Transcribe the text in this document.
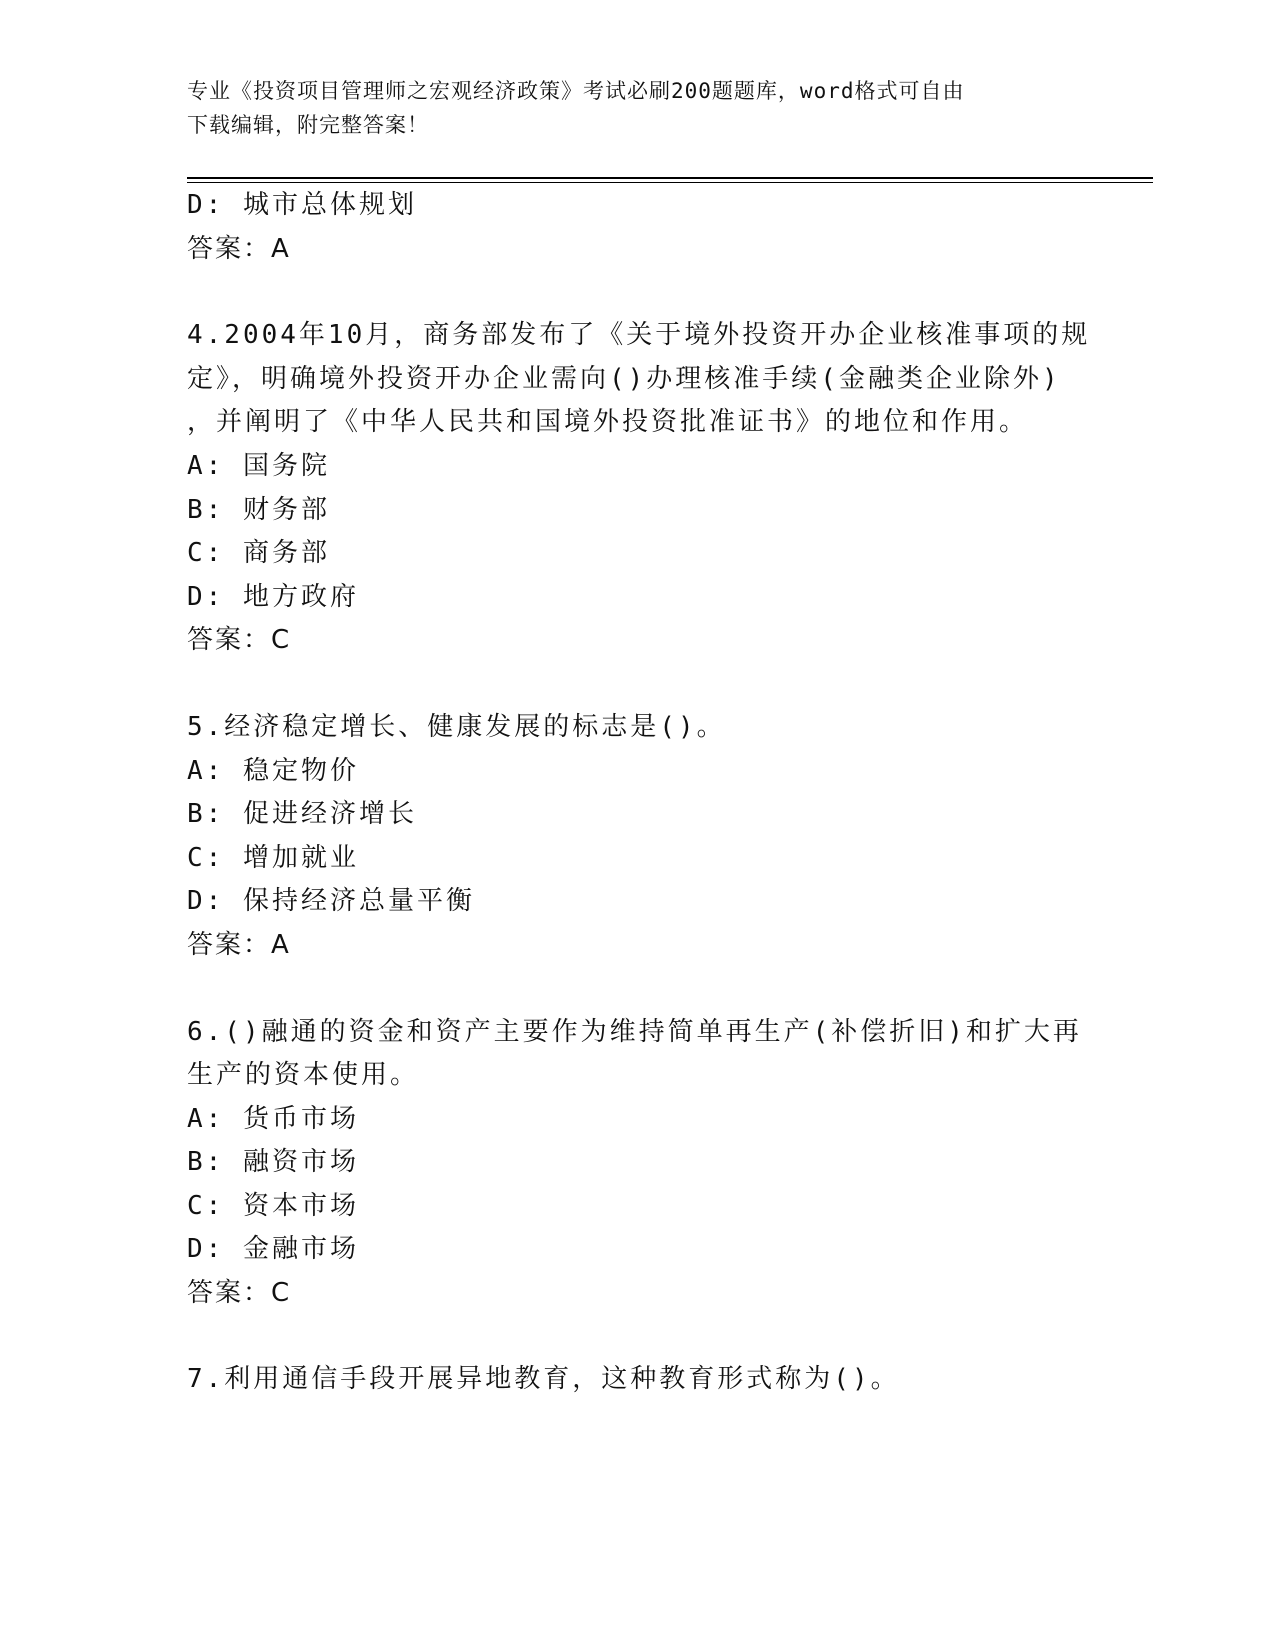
专业《投资项目管理师之宏观经济政策》考试必刷200题题库，word格式可自由
下载编辑，附完整答案！
D: 城市总体规划
答案：A
4.2004年10月，商务部发布了《关于境外投资开办企业核准事项的规
定》，明确境外投资开办企业需向()办理核准手续(金融类企业除外)
，并阐明了《中华人民共和国境外投资批准证书》的地位和作用。
A: 国务院
B: 财务部
C: 商务部
D: 地方政府
答案：C
5.经济稳定增长、健康发展的标志是()。
A: 稳定物价
B: 促进经济增长
C: 增加就业
D: 保持经济总量平衡
答案：A
6.()融通的资金和资产主要作为维持简单再生产(补偿折旧)和扩大再
生产的资本使用。
A: 货币市场
B: 融资市场
C: 资本市场
D: 金融市场
答案：C
7.利用通信手段开展异地教育，这种教育形式称为()。
